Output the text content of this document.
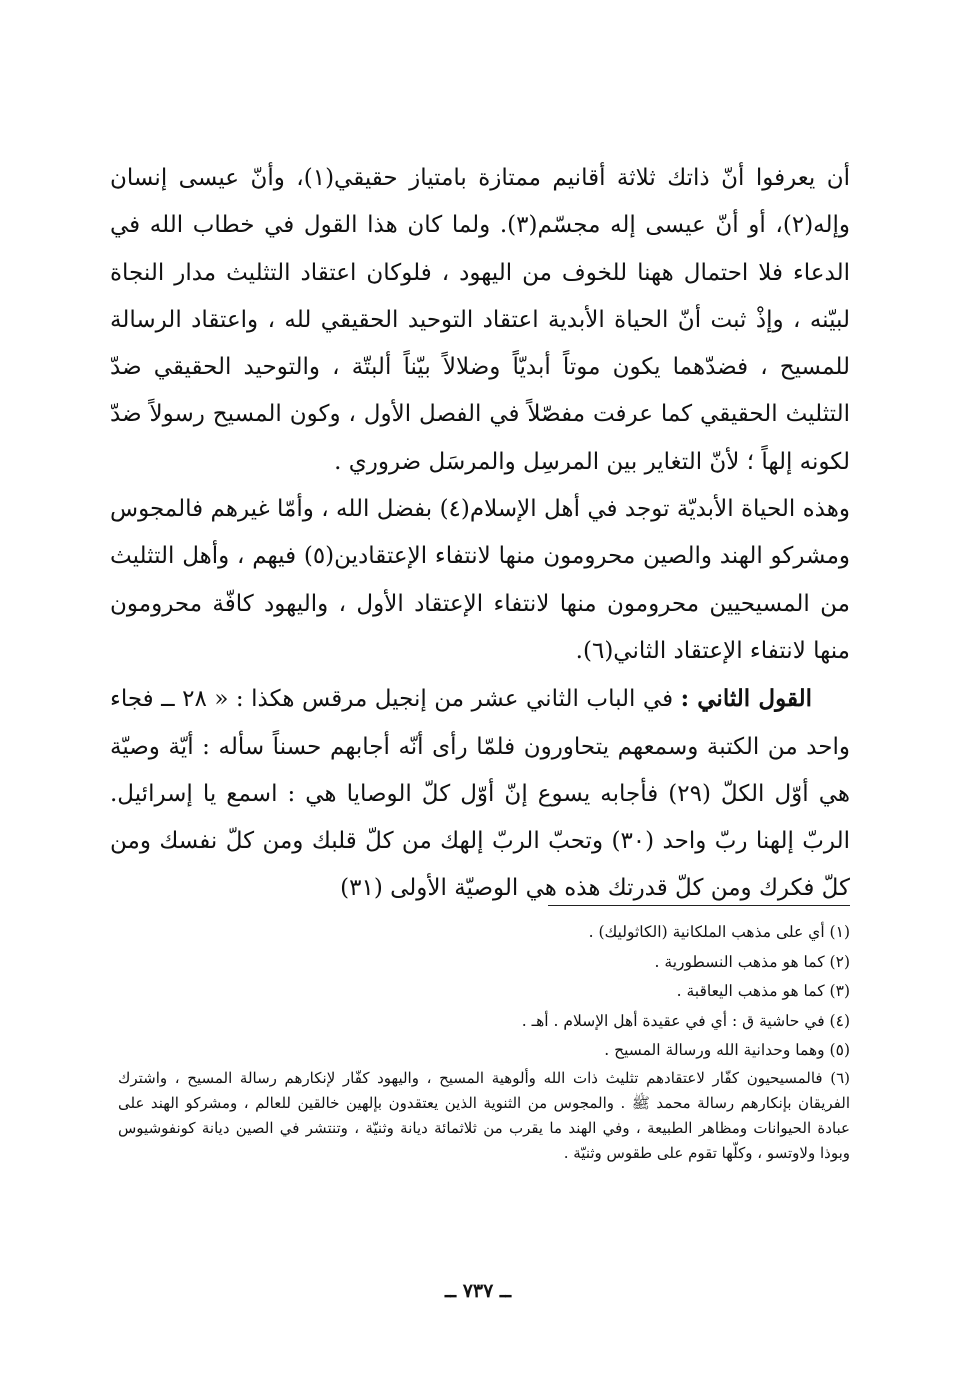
أن يعرفوا أنّ ذاتك ثلاثة أقانيم ممتازة بامتياز حقيقي(١)، وأنّ عيسى إنسان وإله(٢)، أو أنّ عيسى إله مجسّم(٣). ولما كان هذا القول في خطاب الله في الدعاء فلا احتمال ههنا للخوف من اليهود ، فلوكان اعتقاد التثليث مدار النجاة لبيّنه ، وإذْ ثبت أنّ الحياة الأبدية اعتقاد التوحيد الحقيقي لله ، واعتقاد الرسالة للمسيح ، فضدّهما يكون موتاً أبديّاً وضلالاً بيّناً ألبتّة ، والتوحيد الحقيقي ضدّ التثليث الحقيقي كما عرفت مفصّلاً في الفصل الأول ، وكون المسيح رسولاً ضدّ لكونه إلهاً ؛ لأنّ التغاير بين المرسِل والمرسَل ضروري .

وهذه الحياة الأبديّة توجد في أهل الإسلام(٤) بفضل الله ، وأمّا غيرهم فالمجوس ومشركو الهند والصين محرومون منها لانتفاء الإعتقادين(٥) فيهم ، وأهل التثليث من المسيحيين محرومون منها لانتفاء الإعتقاد الأول ، واليهود كافّة محرومون منها لانتفاء الإعتقاد الثاني(٦).

القول الثاني : في الباب الثاني عشر من إنجيل مرقس هكذا : « ٢٨ ــ فجاء واحد من الكتبة وسمعهم يتحاورون فلمّا رأى أنّه أجابهم حسناً سأله : أيّة وصيّة هي أوّل الكلّ (٢٩) فأجابه يسوع إنّ أوّل كلّ الوصايا هي : اسمع يا إسرائيل. الربّ إلهنا ربّ واحد (٣٠) وتحبّ الربّ إلهك من كلّ قلبك ومن كلّ نفسك ومن كلّ فكرك ومن كلّ قدرتك هذه هي الوصيّة الأولى (٣١)

(١) أي على مذهب الملكانية (الكاثوليك) .

(٢) كما هو مذهب النسطورية .

(٣) كما هو مذهب اليعاقبة .

(٤) في حاشية ق : أي في عقيدة أهل الإسلام . أهـ .

(٥) وهما وحدانية الله ورسالة المسيح .

(٦) فالمسيحيون كفّار لاعتقادهم تثليث ذات الله وألوهية المسيح ، واليهود كفّار لإنكارهم رسالة المسيح ، واشترك الفريقان بإنكارهم رسالة محمد ﷺ . والمجوس من الثنوية الذين يعتقدون بإلهين خالقين للعالم ، ومشركو الهند على عبادة الحيوانات ومظاهر الطبيعة ، وفي الهند ما يقرب من ثلاثمائة ديانة وثنيّة ، وتنتشر في الصين ديانة كونفوشيوس وبوذا ولاوتسو ، وكلّها تقوم على طقوس وثنيّة .

ــ ٧٣٧ ــ
